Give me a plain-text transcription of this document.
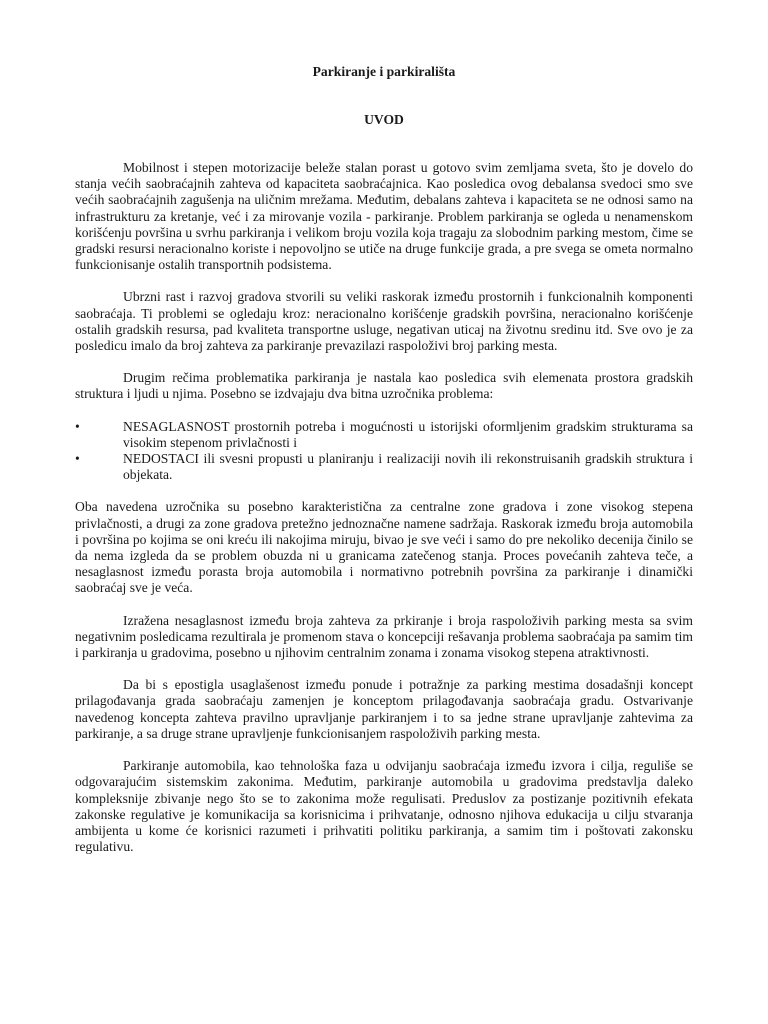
Parkiranje i parkirališta
UVOD

Mobilnost i stepen motorizacije beleže stalan porast u gotovo svim zemljama sveta, što je dovelo do stanja većih saobraćajnih zahteva od kapaciteta saobraćajnica. Kao posledica ovog debalansa svedoci smo sve većih saobraćajnih zagušenja na uličnim mrežama. Međutim, debalans zahteva i kapaciteta se ne odnosi samo na infrastrukturu za kretanje, već i za mirovanje vozila - parkiranje. Problem parkiranja se ogleda u nenamenskom korišćenju površina u svrhu parkiranja i velikom broju vozila koja tragaju za slobodnim parking mestom, čime se gradski resursi neracionalno koriste i nepovoljno se utiče na druge funkcije grada, a pre svega se ometa normalno funkcionisanje ostalih transportnih podsistema.

Ubrzni rast i razvoj gradova stvorili su veliki raskorak između prostornih i funkcionalnih komponenti saobraćaja. Ti problemi se ogledaju kroz: neracionalno korišćenje gradskih površina, neracionalno korišćenje ostalih gradskih resursa, pad kvaliteta transportne usluge, negativan uticaj na životnu sredinu itd. Sve ovo je za posledicu imalo da broj zahteva za parkiranje prevazilazi raspoloživi broj parking mesta.

Drugim rečima problematika parkiranja je nastala kao posledica svih elemenata prostora gradskih struktura i ljudi u njima. Posebno se izdvajaju dva bitna uzročnika problema:

•	NESAGLASNOST prostornih potreba i mogućnosti u istorijski oformljenim gradskim strukturama sa visokim stepenom privlačnosti i
•	NEDOSTACI ili svesni propusti u planiranju i realizaciji novih ili rekonstruisanih gradskih struktura i objekata.

Oba navedena uzročnika su posebno karakteristična za centralne zone gradova i zone visokog stepena privlačnosti, a drugi za zone gradova pretežno jednoznačne namene sadržaja. Raskorak između broja automobila i površina po kojima se oni kreću ili nakojima miruju, bivao je sve veći i samo do pre nekoliko decenija činilo se da nema izgleda da se problem obuzda ni u granicama zatečenog stanja. Proces povećanih zahteva teče, a nesaglasnost između porasta broja automobila i normativno potrebnih površina za parkiranje i dinamički saobraćaj sve je veća.

Izražena nesaglasnost između broja zahteva za prkiranje i broja raspoloživih parking mesta sa svim negativnim posledicama rezultirala je promenom stava o koncepciji rešavanja problema saobraćaja pa samim tim i parkiranja u gradovima, posebno u njihovim centralnim zonama i zonama visokog stepena atraktivnosti.

Da bi s epostigla usaglašenost između ponude i potražnje za parking mestima dosadašnji koncept prilagođavanja grada saobraćaju zamenjen je konceptom prilagođavanja saobraćaja gradu. Ostvarivanje navedenog koncepta zahteva pravilno upravljanje parkiranjem i to sa jedne strane upravljanje zahtevima za parkiranje, a sa druge strane upravljenje funkcionisanjem raspoloživih parking mesta.

Parkiranje automobila, kao tehnološka faza u odvijanju saobraćaja između izvora i cilja, reguliše se odgovarajućim sistemskim zakonima. Međutim, parkiranje automobila u gradovima predstavlja daleko kompleksnije zbivanje nego što se to zakonima može regulisati. Preduslov za postizanje pozitivnih efekata zakonske regulative je komunikacija sa korisnicima i prihvatanje, odnosno njihova edukacija u cilju stvaranja ambijenta u kome će korisnici razumeti i prihvatiti politiku parkiranja, a samim tim i poštovati zakonsku regulativu.
